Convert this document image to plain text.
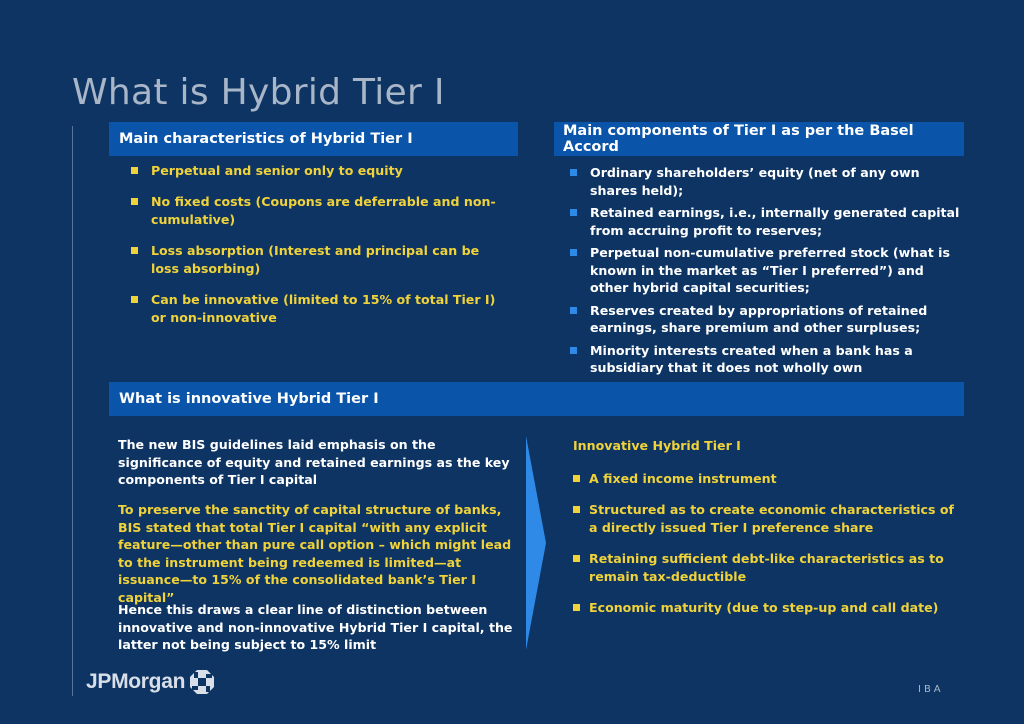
What is Hybrid Tier I
Main characteristics of Hybrid Tier I	Main components of Tier I as per the Basel Accord
Perpetual and senior only to equity
No fixed costs (Coupons are deferrable and non-cumulative)
Loss absorption (Interest and principal can be loss absorbing)
Can be innovative (limited to 15% of total Tier I) or non-innovative
Ordinary shareholders’ equity (net of any own shares held);
Retained earnings, i.e., internally generated capital from accruing profit to reserves;
Perpetual non-cumulative preferred stock (what is known in the market as “Tier I preferred”) and other hybrid capital securities;
Reserves created by appropriations of retained earnings, share premium and other surpluses;
Minority interests created when a bank has a subsidiary that it does not wholly own
What is innovative Hybrid Tier I

The new BIS guidelines laid emphasis on the significance of equity and retained earnings as the key components of Tier I capital

To preserve the sanctity of capital structure of banks, BIS stated that total Tier I capital “with any explicit feature—other than pure call option – which might lead to the instrument being redeemed is limited—at issuance—to 15% of the consolidated bank’s Tier I capital”

Hence this draws a clear line of distinction between innovative and non-innovative Hybrid Tier I capital, the latter not being subject to 15% limit

Innovative Hybrid Tier I
A fixed income instrument
Structured as to create economic characteristics of a directly issued Tier I preference share
Retaining sufficient debt-like characteristics as to remain tax-deductible
Economic maturity (due to step-up and call date)
JPMorgan	IBA
